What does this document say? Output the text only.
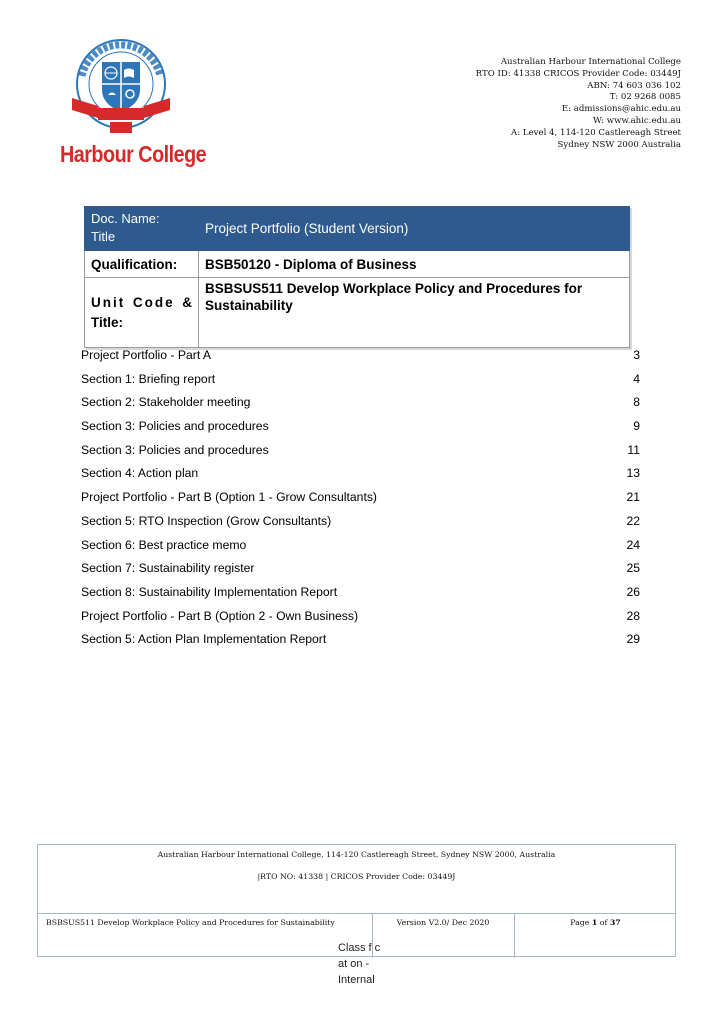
Harbour College
Australian Harbour International College
RTO ID: 41338 CRICOS Provider Code: 03449J
ABN: 74 603 036 102
T: 02 9268 0085
E: admissions@ahic.edu.au
W: www.ahic.edu.au
A: Level 4, 114-120 Castlereagh Street
Sydney NSW 2000 Australia
Doc. Name:
Title	Project Portfolio (Student Version)
Qualification:	BSB50120 - Diploma of Business

Unit Code &
Title:	BSBSUS511 Develop Workplace Policy and Procedures for Sustainability
Project Portfolio - Part A	3
Section 1: Briefing report	4
Section 2: Stakeholder meeting	8
Section 3: Policies and procedures	9
Section 3: Policies and procedures	11
Section 4: Action plan	13
Project Portfolio - Part B (Option 1 - Grow Consultants)	21
Section 5: RTO Inspection (Grow Consultants)	22
Section 6: Best practice memo	24
Section 7: Sustainability register	25
Section 8: Sustainability Implementation Report	26
Project Portfolio - Part B (Option 2 - Own Business)	28
Section 5: Action Plan Implementation Report	29
Australian Harbour International College, 114-120 Castlereagh Street, Sydney NSW 2000, Australia
|RTO NO: 41338 | CRICOS Provider Code: 03449J
BSBSUS511 Develop Workplace Policy and Procedures for Sustainability	Version V2.0/ Dec 2020	Page 1 of 37
Class f c
at on -
Internal
